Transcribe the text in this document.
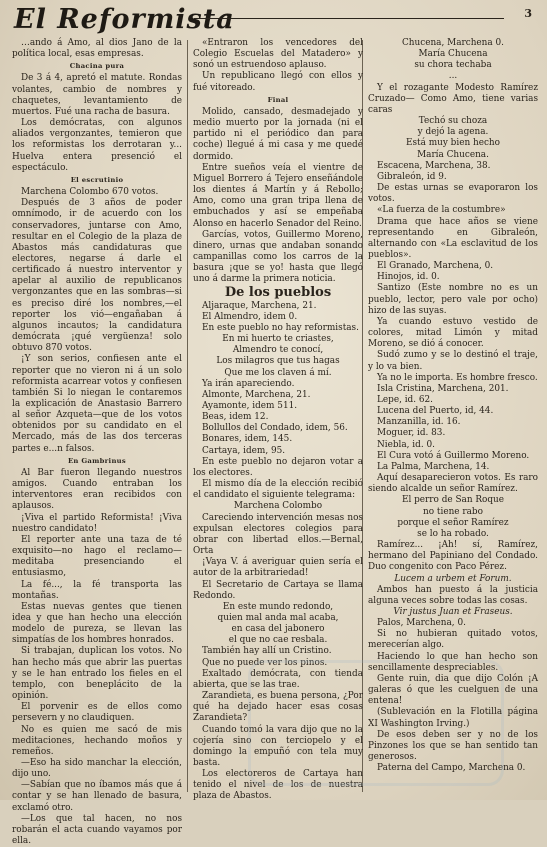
El Reformista	3

…ando á Amo, al dios Jano de la política local, esas empresas.

Chacina pura

De 3 á 4, apretó el matute. Rondas volantes, cambio de nombres y chaquetes, levantamiento de muertos. Fué una racha de basura.

Los demócratas, con algunos aliados vergonzantes, temieron que los reformistas los derrotaran y... Huelva entera presenció el espectáculo.

El escrutinio

Marchena Colombo 670 votos.

Después de 3 años de poder omnímodo, ir de acuerdo con los conservadores, juntarse con Amo, resultar en el Colegio de la plaza de Abastos más candidaturas que electores, negarse á darle el certificado á nuestro interventor y apelar al auxilio de republicanos vergonzantes que en las sombras—si es preciso diré los nombres,—el reporter los vió—engañaban á algunos incautos; la candidatura demócrata ¡qué vergüenza! solo obtuvo 870 votos.

¡Y son serios, confiesen ante el reporter que no vieron ni á un solo reformista acarrear votos y confiesen también Si lo niegan le contaremos la explicación de Anastasio Barrero al señor Azqueta—que de los votos obtenidos por su candidato en el Mercado, más de las dos terceras partes e...n falsos.

En Gambrinus

Al Bar fueron llegando nuestros amigos. Cuando entraban los interventores eran recibidos con aplausos.

¡Viva el partido Reformista! ¡Viva nuestro candidato!

El reporter ante una taza de té exquisito—no hago el reclamo—meditaba presenciando el entusiasmo,

La fé..., la fé transporta las montañas.

Estas nuevas gentes que tienen idea y que han hecho una elección modelo de pureza, se llevan las simpatías de los hombres honrados.

Si trabajan, duplican los votos. No han hecho más que abrir las puertas y se le han entrado los fieles en el templo, con beneplácito de la opinión.

El porvenir es de ellos como persevern y no claudiquen.

No es quien me sacó de mis meditaciones, hechando moños y remeños.

—Eso ha sido manchar la elección, dijo uno.

—Sabían que no íbamos más que á contar y se han llenado de basura, exclamó otro.

—Los que tal hacen, no nos robarán el acta cuando vayamos por ella.

«Entraron los vencedores del Colegio Escuelas del Matadero» y sonó un estruendoso aplauso.

Un republicano llegó con ellos y fué vitoreado.

Final

Molido, cansado, desmadejado y medio muerto por la jornada (ni el partido ni el periódico dan para coche) llegué á mi casa y me quedé dormido.

Entre sueños veía el vientre de Miguel Borrero á Tejero enseñándole los dientes á Martín y á Rebollo; Amo, como una gran tripa llena de embuchados y así se empeñaba Alonso en hacerlo Senador del Reino.

Garcías, votos, Guillermo Moreno, dinero, urnas que andaban sonando campanillas como los carros de la basura ¡que se yo! hasta que llegó uno á darme la primera noticia.

De los pueblos

Aljaraque, Marchena, 21.

El Almendro, idem 0.

En este pueblo no hay reformistas.

En mi huerto te criastes,

Almendro te conocí,

Los milagros que tus hagas

Que me los claven á mí.

Ya irán apareciendo.

Almonte, Marchena, 21.

Ayamonte, idem 511.

Beas, idem 12.

Bollullos del Condado, idem, 56.

Bonares, idem, 145.

Cartaya, idem, 95.

En este pueblo no dejaron votar a los electores.

El mismo día de la elección recibió el candidato el siguiente telegrama:

Marchena Colombo

Careciendo intervención mesas nos expulsan electores colegios para obrar con libertad ellos.—Bernal, Orta

¡Vaya V. á averiguar quien sería el autor de la arbitrariedad!

El Secretario de Cartaya se llama Redondo.

En este mundo redondo,

quien mal anda mal acaba,

en casa del jabonero

el que no cae resbala.

También hay allí un Cristino.

Que no puede ver los pinos.

Exaltado demócrata, con tienda abierta, que se las trae.

Zarandieta, es buena persona, ¿Por qué ha dejado hacer esas cosas Zarandieta?

Cuando tomó la vara dijo que no la cojería sino con terciopelo y el domingo la empuñó con tela muy basta.

Los electoreros de Cartaya han tenido el nivel de los de nuestra plaza de Abastos.

Chucena, Marchena 0.

María Chucena

su chora techaba

...

Y el rozagante Modesto Ramírez Cruzado— Como Amo, tiene varias caras

Techó su choza

y dejó la agena.

Está muy bien hecho

María Chucena.

Escacena, Marchena, 38.

Gibraleón, id 9.

De estas urnas se evaporaron los votos.

«La fuerza de la costumbre»

Drama que hace años se viene representando en Gibraleón, alternando con «La esclavitud de los pueblos».

El Granado, Marchena, 0.

Hinojos, id. 0.

Santizo (Este nombre no es un pueblo, lector, pero vale por ocho) hizo de las suyas.

Ya cuando estuvo vestido de colores, mitad Limón y mitad Moreno, se dió á conocer.

Sudó zumo y se lo destinó el traje, y lo va bien.

Ya no le importa. Es hombre fresco.

Isla Cristina, Marchena, 201.

Lepe, id. 62.

Lucena del Puerto, id, 44.

Manzanilla, id. 16.

Moguer, id. 83.

Niebla, id. 0.

El Cura votó á Guillermo Moreno.

La Palma, Marchena, 14.

Aquí desaparecieron votos. Es raro siendo alcalde un señor Ramírez.

El perro de San Roque

no tiene rabo

porque el señor Ramírez

se lo ha robado.

Ramírez... ¡Ah! sí, Ramírez, hermano del Papiniano del Condado. Duo congenito con Paco Pérez.

Lucem a urbem et Forum.

Ambos han puesto á la justicia alguna veces sobre todas las cosas.

Vir justus Juan et Fraseus.

Palos, Marchena, 0.

Si no hubieran quitado votos, merecerían algo.

Haciendo lo que han hecho son sencillamente despreciables.

Gente ruin, dia que dijo Colón ¡A galeras ó que les cuelguen de una entena!

(Sublevación en la Flotilla página XI Washington Irving.)

De esos deben ser y no de los Pinzones los que se han sentido tan generosos.

Paterna del Campo, Marchena 0.
